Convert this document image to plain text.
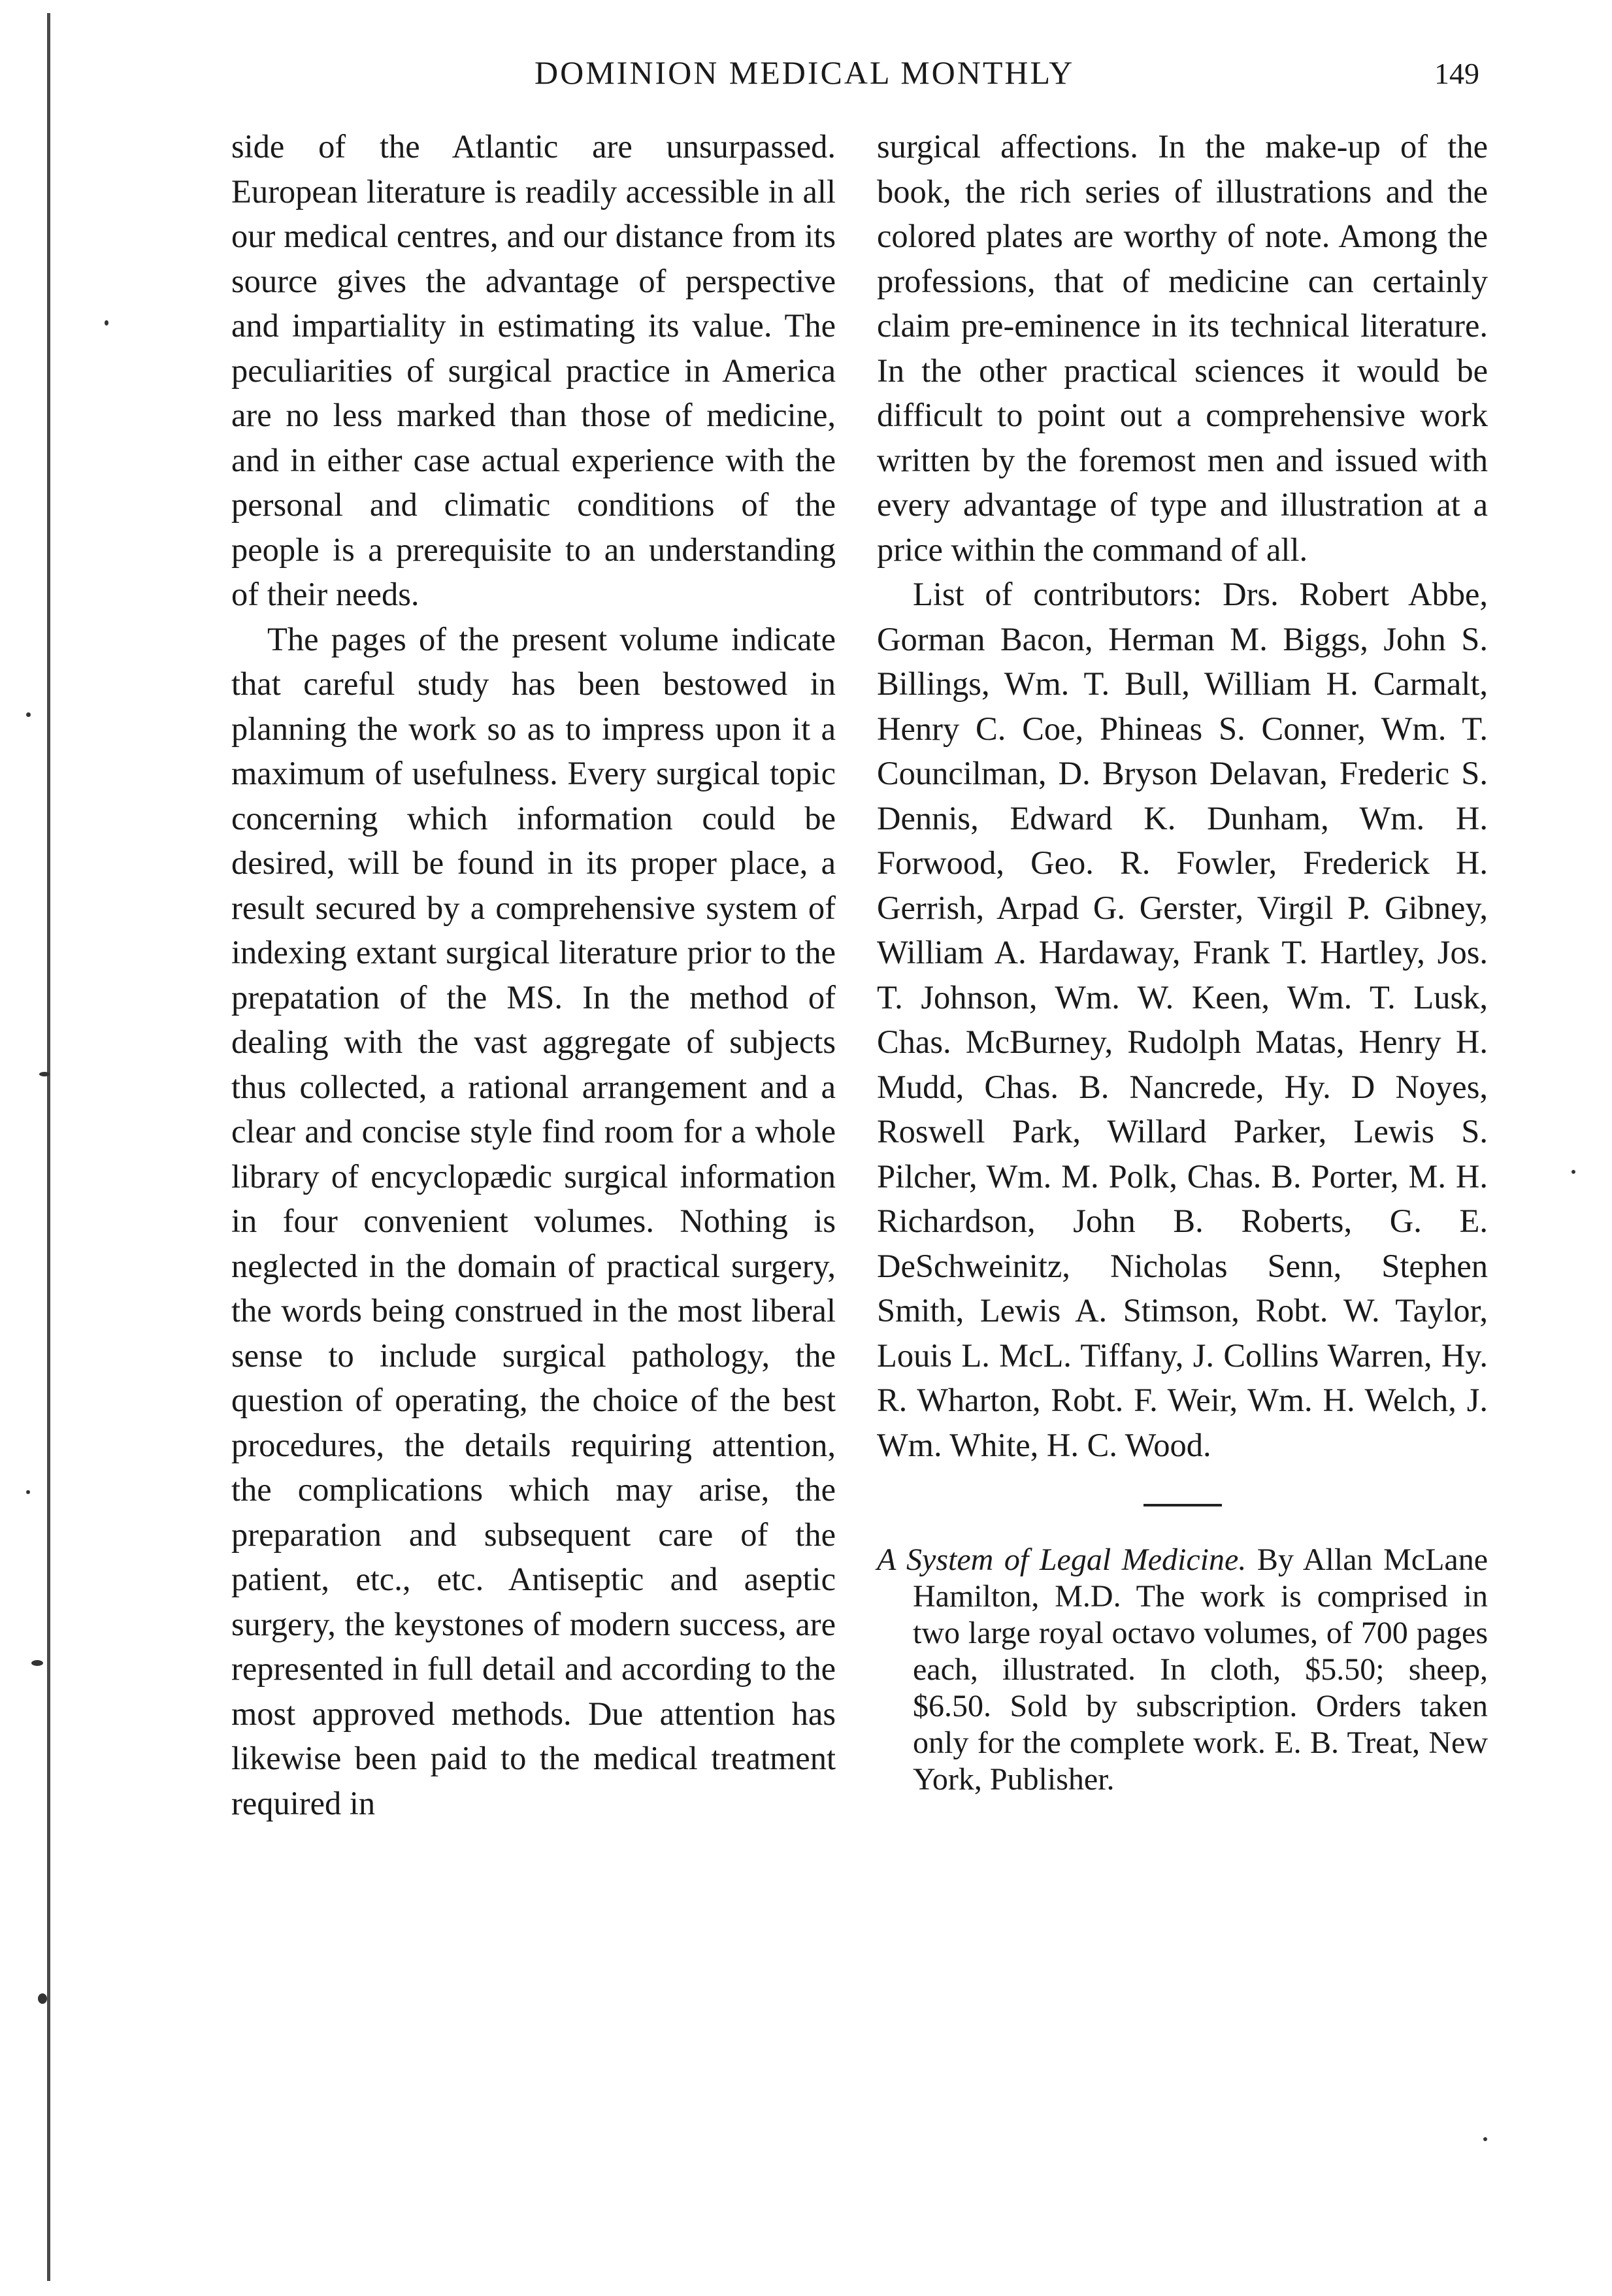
DOMINION MEDICAL MONTHLY	149

side of the Atlantic are unsurpassed. European literature is readily accessible in all our medical centres, and our distance from its source gives the advantage of perspective and impartiality in estimating its value. The peculiarities of surgical practice in America are no less marked than those of medicine, and in either case actual experience with the personal and climatic conditions of the people is a prerequisite to an understanding of their needs.

The pages of the present volume indicate that careful study has been bestowed in planning the work so as to impress upon it a maximum of usefulness. Every surgical topic concerning which information could be desired, will be found in its proper place, a result secured by a comprehensive system of indexing extant surgical literature prior to the prepatation of the MS. In the method of dealing with the vast aggregate of subjects thus collected, a rational arrangement and a clear and concise style find room for a whole library of encyclopædic surgical information in four convenient volumes. Nothing is neglected in the domain of practical surgery, the words being construed in the most liberal sense to include surgical pathology, the question of operating, the choice of the best procedures, the details requiring attention, the complications which may arise, the preparation and subsequent care of the patient, etc., etc. Antiseptic and aseptic surgery, the keystones of modern success, are represented in full detail and according to the most approved methods. Due attention has likewise been paid to the medical treatment required in

surgical affections. In the make-up of the book, the rich series of illustrations and the colored plates are worthy of note. Among the professions, that of medicine can certainly claim pre-eminence in its technical literature. In the other practical sciences it would be difficult to point out a comprehensive work written by the foremost men and issued with every advantage of type and illustration at a price within the command of all.

List of contributors: Drs. Robert Abbe, Gorman Bacon, Herman M. Biggs, John S. Billings, Wm. T. Bull, William H. Carmalt, Henry C. Coe, Phineas S. Conner, Wm. T. Councilman, D. Bryson Delavan, Frederic S. Dennis, Edward K. Dunham, Wm. H. Forwood, Geo. R. Fowler, Frederick H. Gerrish, Arpad G. Gerster, Virgil P. Gibney, William A. Hardaway, Frank T. Hartley, Jos. T. Johnson, Wm. W. Keen, Wm. T. Lusk, Chas. McBurney, Rudolph Matas, Henry H. Mudd, Chas. B. Nancrede, Hy. D Noyes, Roswell Park, Willard Parker, Lewis S. Pilcher, Wm. M. Polk, Chas. B. Porter, M. H. Richardson, John B. Roberts, G. E. DeSchweinitz, Nicholas Senn, Stephen Smith, Lewis A. Stimson, Robt. W. Taylor, Louis L. McL. Tiffany, J. Collins Warren, Hy. R. Wharton, Robt. F. Weir, Wm. H. Welch, J. Wm. White, H. C. Wood.

A System of Legal Medicine. By Allan McLane Hamilton, M.D. The work is comprised in two large royal octavo volumes, of 700 pages each, illustrated. In cloth, $5.50; sheep, $6.50. Sold by subscription. Orders taken only for the complete work. E. B. Treat, New York, Publisher.
